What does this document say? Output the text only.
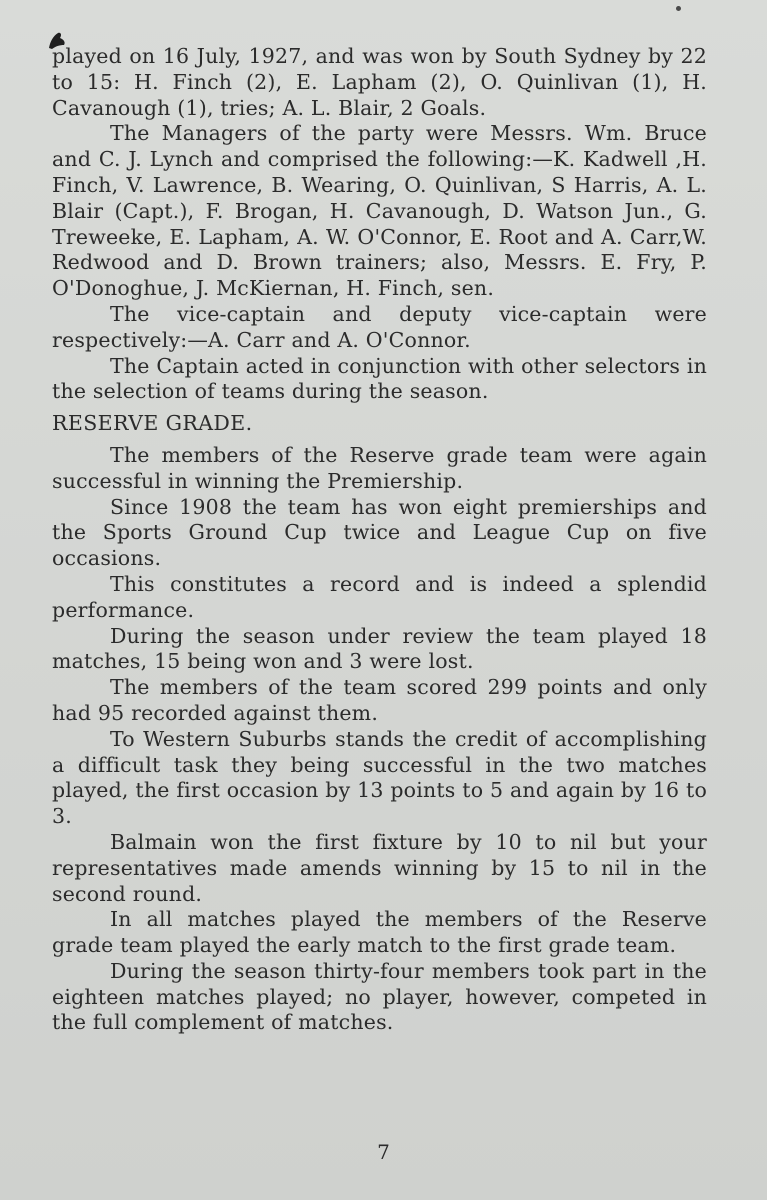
played on 16 July, 1927, and was won by South Sydney by 22 to 15: H. Finch (2), E. Lapham (2), O. Quinlivan (1), H. Cavanough (1), tries; A. L. Blair, 2 Goals.

The Managers of the party were Messrs. Wm. Bruce and C. J. Lynch and comprised the following:—K. Kadwell ,H. Finch, V. Lawrence, B. Wearing, O. Quinlivan, S Harris, A. L. Blair (Capt.), F. Brogan, H. Cavanough, D. Watson Jun., G. Treweeke, E. Lapham, A. W. O'Connor, E. Root and A. Carr,W. Redwood and D. Brown trainers; also, Messrs. E. Fry, P. O'Donoghue, J. McKiernan, H. Finch, sen.

The vice-captain and deputy vice-captain were respectively:—A. Carr and A. O'Connor.

The Captain acted in conjunction with other selectors in the selection of teams during the season.

RESERVE GRADE.

The members of the Reserve grade team were again successful in winning the Premiership.

Since 1908 the team has won eight premierships and the Sports Ground Cup twice and League Cup on five occasions.

This constitutes a record and is indeed a splendid performance.

During the season under review the team played 18 matches, 15 being won and 3 were lost.

The members of the team scored 299 points and only had 95 recorded against them.

To Western Suburbs stands the credit of accomplishing a difficult task they being successful in the two matches played, the first occasion by 13 points to 5 and again by 16 to 3.

Balmain won the first fixture by 10 to nil but your representatives made amends winning by 15 to nil in the second round.

In all matches played the members of the Reserve grade team played the early match to the first grade team.

During the season thirty-four members took part in the eighteen matches played; no player, however, competed in the full complement of matches.

7
